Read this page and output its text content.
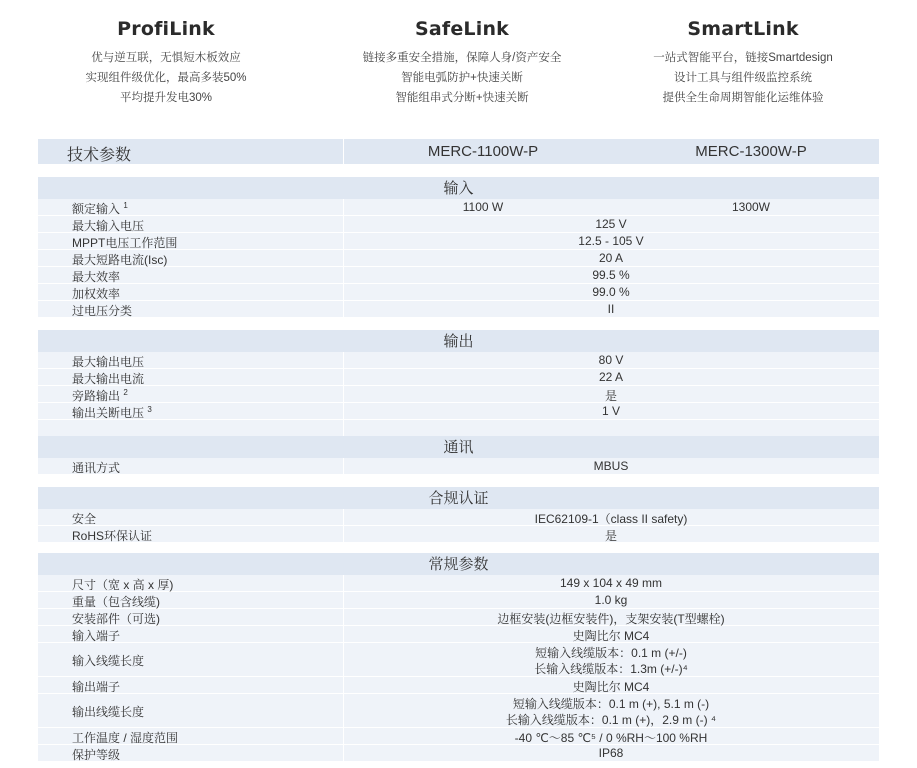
ProfiLink
优与逆互联，无惧短木板效应
实现组件级优化，最高多装50%
平均提升发电30%
SafeLink
链接多重安全措施，保障人身/资产安全
智能电弧防护+快速关断
智能组串式分断+快速关断
SmartLink
一站式智能平台，链接Smartdesign
设计工具与组件级监控系统
提供全生命周期智能化运维体验
技术参数	MERC-1100W-P	MERC-1300W-P
输入
额定输入 $^1$	1100 W	1300W
最大输入电压	125 V
MPPT电压工作范围	12.5 - 105 V
最大短路电流(Isc)	20 A
最大效率	99.5 %
加权效率	99.0 %
过电压分类	II
输出
最大输出电压	80 V
最大输出电流	22 A
旁路输出 $^2$	是
输出关断电压 $^3$	1 V
通讯
通讯方式	MBUS
合规认证
安全	IEC62109-1（class II safety)
RoHS环保认证	是
常规参数
尺寸（宽 x 高 x 厚)	149 x 104 x 49 mm
重量（包含线缆)	1.0 kg
安装部件（可选)	边框安装(边框安装件)，支架安装(T型螺栓)
输入端子	史陶比尔 MC4
输入线缆长度
短输入线缆版本：0.1 m (+/-)
长输入线缆版本：1.3m (+/-)⁴
输出端子	史陶比尔 MC4
输出线缆长度
短输入线缆版本：0.1 m (+), 5.1 m (-)
长输入线缆版本：0.1 m (+)，2.9 m (-) ⁴
工作温度 / 湿度范围	-40 ℃～85 ℃⁵ / 0 %RH～100 %RH
保护等级	IP68
